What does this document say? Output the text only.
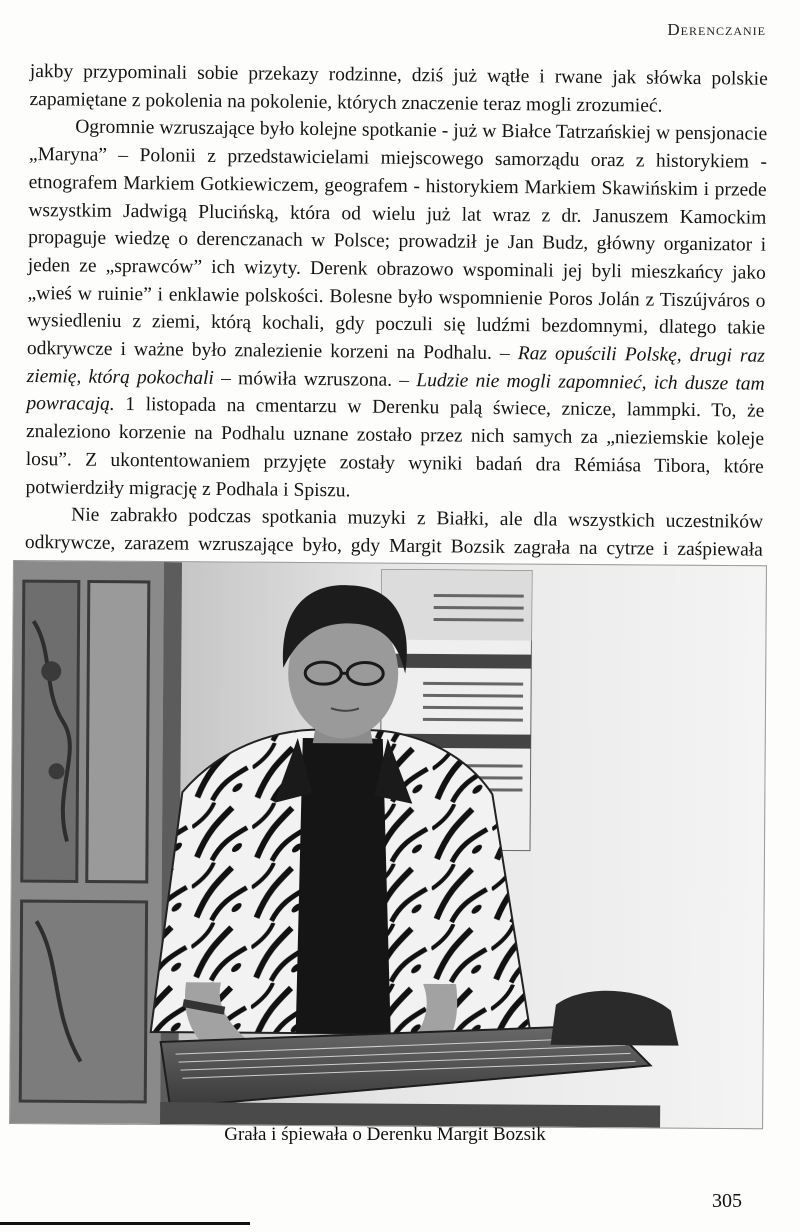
Derenczanie

jakby przypominali sobie przekazy rodzinne, dziś już wątłe i rwane jak słówka polskie zapamiętane z pokolenia na pokolenie, których znaczenie teraz mogli zrozumieć.

Ogromnie wzruszające było kolejne spotkanie - już w Białce Tatrzańskiej w pensjonacie „Maryna” – Polonii z przedstawicielami miejscowego samorządu oraz z historykiem - etnografem Markiem Gotkiewiczem, geografem - historykiem Markiem Skawińskim i przede wszystkim Jadwigą Plucińską, która od wielu już lat wraz z dr. Januszem Kamockim propaguje wiedzę o derenczanach w Polsce; prowadził je Jan Budz, główny organizator i jeden ze „sprawców” ich wizyty. Derenk obrazowo wspominali jej byli mieszkańcy jako „wieś w ruinie” i enklawie polskości. Bolesne było wspomnienie Poros Jolán z Tiszújváros o wysiedleniu z ziemi, którą kochali, gdy poczuli się ludźmi bezdomnymi, dlatego takie odkrywcze i ważne było znalezienie korzeni na Podhalu. – Raz opuścili Polskę, drugi raz ziemię, którą pokochali – mówiła wzruszona. – Ludzie nie mogli zapomnieć, ich dusze tam powracają. 1 listopada na cmentarzu w Derenku palą świece, znicze, lammpki. To, że znaleziono korzenie na Podhalu uznane zostało przez nich samych za „nieziemskie koleje losu”. Z ukontentowaniem przyjęte zostały wyniki badań dra Rémiása Tibora, które potwierdziły migrację z Podhala i Spiszu.

Nie zabrakło podczas spotkania muzyki z Białki, ale dla wszystkich uczestników odkrywcze, zarazem wzruszające było, gdy Margit Bozsik zagrała na cytrze i zaśpiewała

Grała i śpiewała o Derenku Margit Bozsik
305
